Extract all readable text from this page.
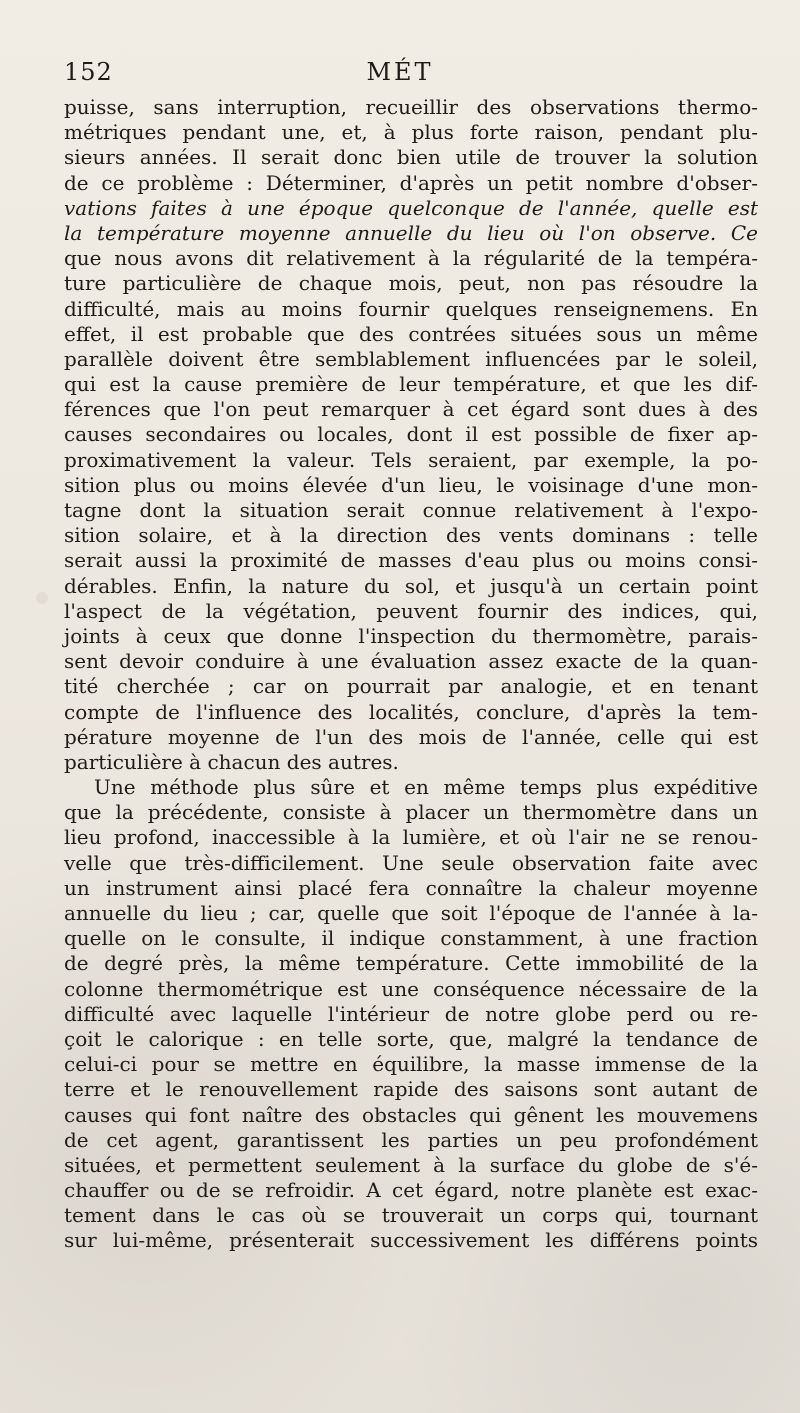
152	MÉT
puisse, sans interruption, recueillir des observations thermo-
métriques pendant une, et, à plus forte raison, pendant plu-
sieurs années. Il serait donc bien utile de trouver la solution
de ce problème : Déterminer, d'après un petit nombre d'obser-
vations faites à une époque quelconque de l'année, quelle est
la température moyenne annuelle du lieu où l'on observe. Ce
que nous avons dit relativement à la régularité de la tempéra-
ture particulière de chaque mois, peut, non pas résoudre la
difficulté, mais au moins fournir quelques renseignemens. En
effet, il est probable que des contrées situées sous un même
parallèle doivent être semblablement influencées par le soleil,
qui est la cause première de leur température, et que les dif-
férences que l'on peut remarquer à cet égard sont dues à des
causes secondaires ou locales, dont il est possible de fixer ap-
proximativement la valeur. Tels seraient, par exemple, la po-
sition plus ou moins élevée d'un lieu, le voisinage d'une mon-
tagne dont la situation serait connue relativement à l'expo-
sition solaire, et à la direction des vents dominans : telle
serait aussi la proximité de masses d'eau plus ou moins consi-
dérables. Enfin, la nature du sol, et jusqu'à un certain point
l'aspect de la végétation, peuvent fournir des indices, qui,
joints à ceux que donne l'inspection du thermomètre, parais-
sent devoir conduire à une évaluation assez exacte de la quan-
tité cherchée ; car on pourrait par analogie, et en tenant
compte de l'influence des localités, conclure, d'après la tem-
pérature moyenne de l'un des mois de l'année, celle qui est
particulière à chacun des autres.
Une méthode plus sûre et en même temps plus expéditive
que la précédente, consiste à placer un thermomètre dans un
lieu profond, inaccessible à la lumière, et où l'air ne se renou-
velle que très-difficilement. Une seule observation faite avec
un instrument ainsi placé fera connaître la chaleur moyenne
annuelle du lieu ; car, quelle que soit l'époque de l'année à la-
quelle on le consulte, il indique constamment, à une fraction
de degré près, la même température. Cette immobilité de la
colonne thermométrique est une conséquence nécessaire de la
difficulté avec laquelle l'intérieur de notre globe perd ou re-
çoit le calorique : en telle sorte, que, malgré la tendance de
celui-ci pour se mettre en équilibre, la masse immense de la
terre et le renouvellement rapide des saisons sont autant de
causes qui font naître des obstacles qui gênent les mouvemens
de cet agent, garantissent les parties un peu profondément
situées, et permettent seulement à la surface du globe de s'é-
chauffer ou de se refroidir. A cet égard, notre planète est exac-
tement dans le cas où se trouverait un corps qui, tournant
sur lui-même, présenterait successivement les différens points
